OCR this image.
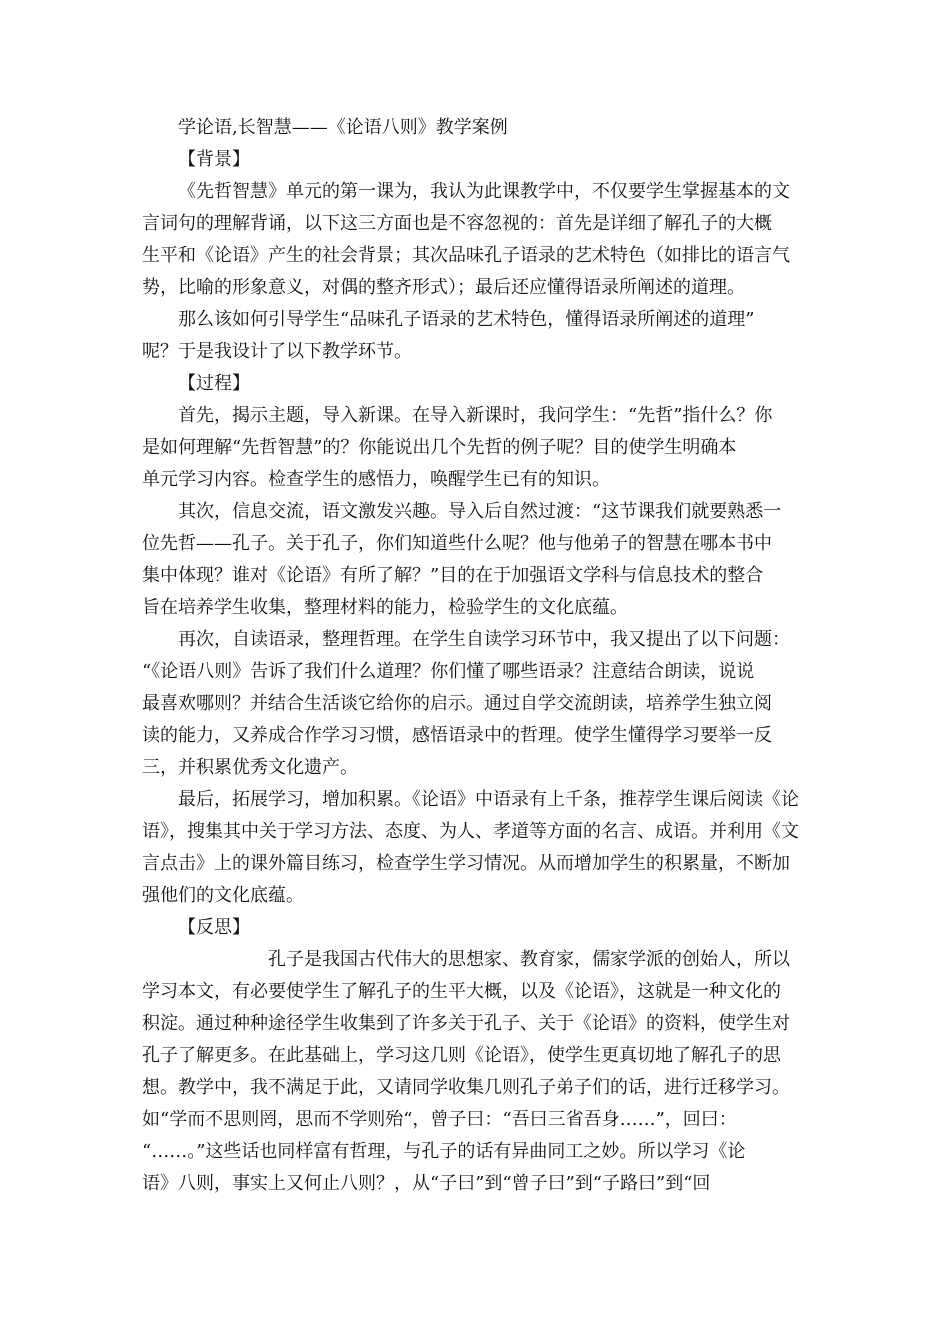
学论语,长智慧——《论语八则》教学案例
【背景】
《先哲智慧》单元的第一课为，我认为此课教学中，不仅要学生掌握基本的文
言词句的理解背诵，以下这三方面也是不容忽视的：首先是详细了解孔子的大概
生平和《论语》产生的社会背景；其次品味孔子语录的艺术特色（如排比的语言气
势，比喻的形象意义，对偶的整齐形式）；最后还应懂得语录所阐述的道理。
那么该如何引导学生“品味孔子语录的艺术特色，懂得语录所阐述的道理”
呢？于是我设计了以下教学环节。
【过程】
首先，揭示主题，导入新课。在导入新课时，我问学生：“先哲”指什么？你
是如何理解“先哲智慧”的？你能说出几个先哲的例子呢？目的使学生明确本
单元学习内容。检查学生的感悟力，唤醒学生已有的知识。
其次，信息交流，语文激发兴趣。导入后自然过渡：“这节课我们就要熟悉一
位先哲——孔子。关于孔子，你们知道些什么呢？他与他弟子的智慧在哪本书中
集中体现？谁对《论语》有所了解？”目的在于加强语文学科与信息技术的整合
旨在培养学生收集，整理材料的能力，检验学生的文化底蕴。
再次，自读语录，整理哲理。在学生自读学习环节中，我又提出了以下问题：
“《论语八则》告诉了我们什么道理？你们懂了哪些语录？注意结合朗读，说说
最喜欢哪则？并结合生活谈它给你的启示。通过自学交流朗读，培养学生独立阅
读的能力，又养成合作学习习惯，感悟语录中的哲理。使学生懂得学习要举一反
三，并积累优秀文化遗产。
最后，拓展学习，增加积累。《论语》中语录有上千条，推荐学生课后阅读《论
语》，搜集其中关于学习方法、态度、为人、孝道等方面的名言、成语。并利用《文
言点击》上的课外篇目练习，检查学生学习情况。从而增加学生的积累量，不断加
强他们的文化底蕴。
【反思】
孔子是我国古代伟大的思想家、教育家，儒家学派的创始人，所以
学习本文，有必要使学生了解孔子的生平大概，以及《论语》，这就是一种文化的
积淀。通过种种途径学生收集到了许多关于孔子、关于《论语》的资料，使学生对
孔子了解更多。在此基础上，学习这几则《论语》，使学生更真切地了解孔子的思
想。教学中，我不满足于此，又请同学收集几则孔子弟子们的话，进行迁移学习。
如“学而不思则罔，思而不学则殆“，曾子曰：“吾曰三省吾身……”，回曰：
“……。”这些话也同样富有哲理，与孔子的话有异曲同工之妙。所以学习《论
语》八则，事实上又何止八则？，从“子曰”到“曾子曰”到“子路曰”到“回
